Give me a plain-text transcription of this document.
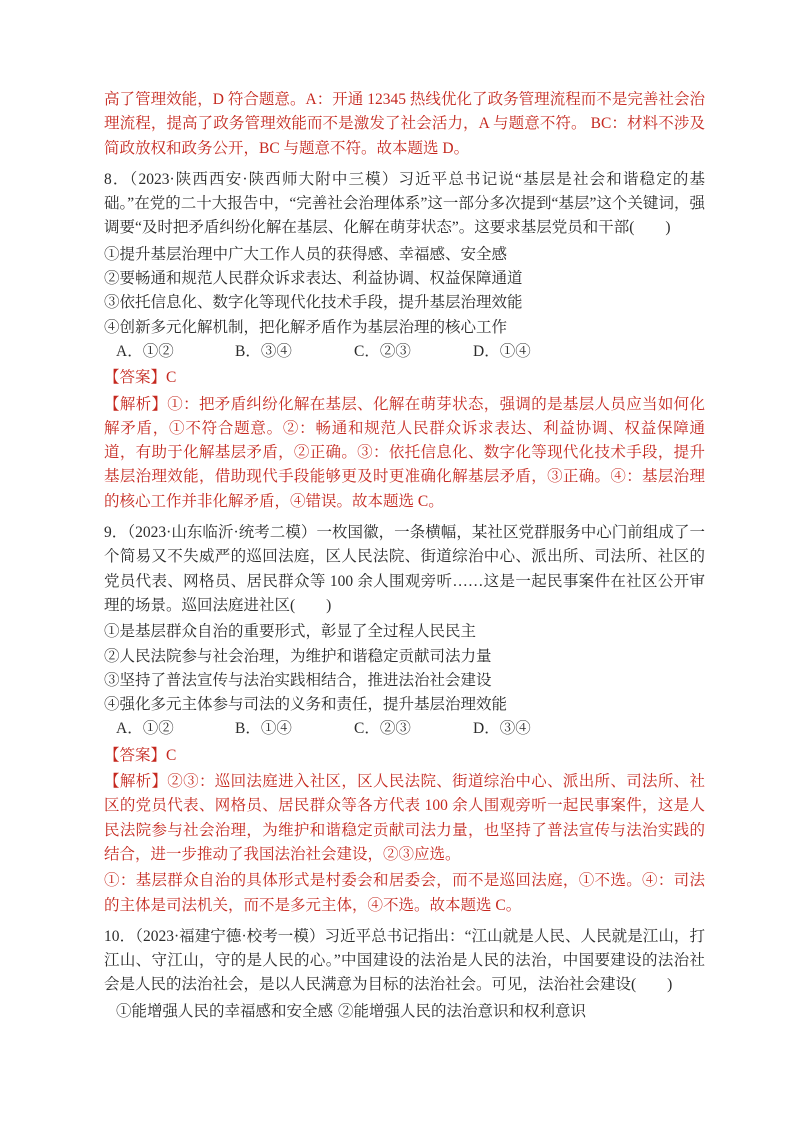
高了管理效能，D 符合题意。A：开通 12345 热线优化了政务管理流程而不是完善社会治理流程，提高了政务管理效能而不是激发了社会活力，A 与题意不符。 BC：材料不涉及简政放权和政务公开，BC 与题意不符。故本题选 D。

8．（2023·陕西西安·陕西师大附中三模）习近平总书记说“基层是社会和谐稳定的基础。”在党的二十大报告中，“完善社会治理体系”这一部分多次提到“基层”这个关键词，强调要“及时把矛盾纠纷化解在基层、化解在萌芽状态”。这要求基层党员和干部(　　)

①提升基层治理中广大工作人员的获得感、幸福感、安全感
②要畅通和规范人民群众诉求表达、利益协调、权益保障通道
③依托信息化、数字化等现代化技术手段，提升基层治理效能
④创新多元化解机制，把化解矛盾作为基层治理的核心工作
A．①②	B．③④	C．②③	D．①④

【答案】C

【解析】①：把矛盾纠纷化解在基层、化解在萌芽状态，强调的是基层人员应当如何化解矛盾，①不符合题意。②：畅通和规范人民群众诉求表达、利益协调、权益保障通道，有助于化解基层矛盾，②正确。③：依托信息化、数字化等现代化技术手段，提升基层治理效能，借助现代手段能够更及时更准确化解基层矛盾，③正确。④：基层治理的核心工作并非化解矛盾，④错误。故本题选 C。

9．（2023·山东临沂·统考二模）一枚国徽，一条横幅，某社区党群服务中心门前组成了一个简易又不失威严的巡回法庭，区人民法院、街道综治中心、派出所、司法所、社区的党员代表、网格员、居民群众等 100 余人围观旁听……这是一起民事案件在社区公开审理的场景。巡回法庭进社区(　　)

①是基层群众自治的重要形式，彰显了全过程人民民主
②人民法院参与社会治理，为维护和谐稳定贡献司法力量
③坚持了普法宣传与法治实践相结合，推进法治社会建设
④强化多元主体参与司法的义务和责任，提升基层治理效能
A．①②	B．①④	C．②③	D．③④

【答案】C

【解析】②③：巡回法庭进入社区，区人民法院、街道综治中心、派出所、司法所、社区的党员代表、网格员、居民群众等各方代表 100 余人围观旁听一起民事案件，这是人民法院参与社会治理，为维护和谐稳定贡献司法力量，也坚持了普法宣传与法治实践的结合，进一步推动了我国法治社会建设，②③应选。

①：基层群众自治的具体形式是村委会和居委会，而不是巡回法庭，①不选。④：司法的主体是司法机关，而不是多元主体，④不选。故本题选 C。

10．（2023·福建宁德·校考一模）习近平总书记指出：“江山就是人民、人民就是江山，打江山、守江山，守的是人民的心。”中国建设的法治是人民的法治，中国要建设的法治社会是人民的法治社会，是以人民满意为目标的法治社会。可见，法治社会建设(　　)

①能增强人民的幸福感和安全感 ②能增强人民的法治意识和权利意识
